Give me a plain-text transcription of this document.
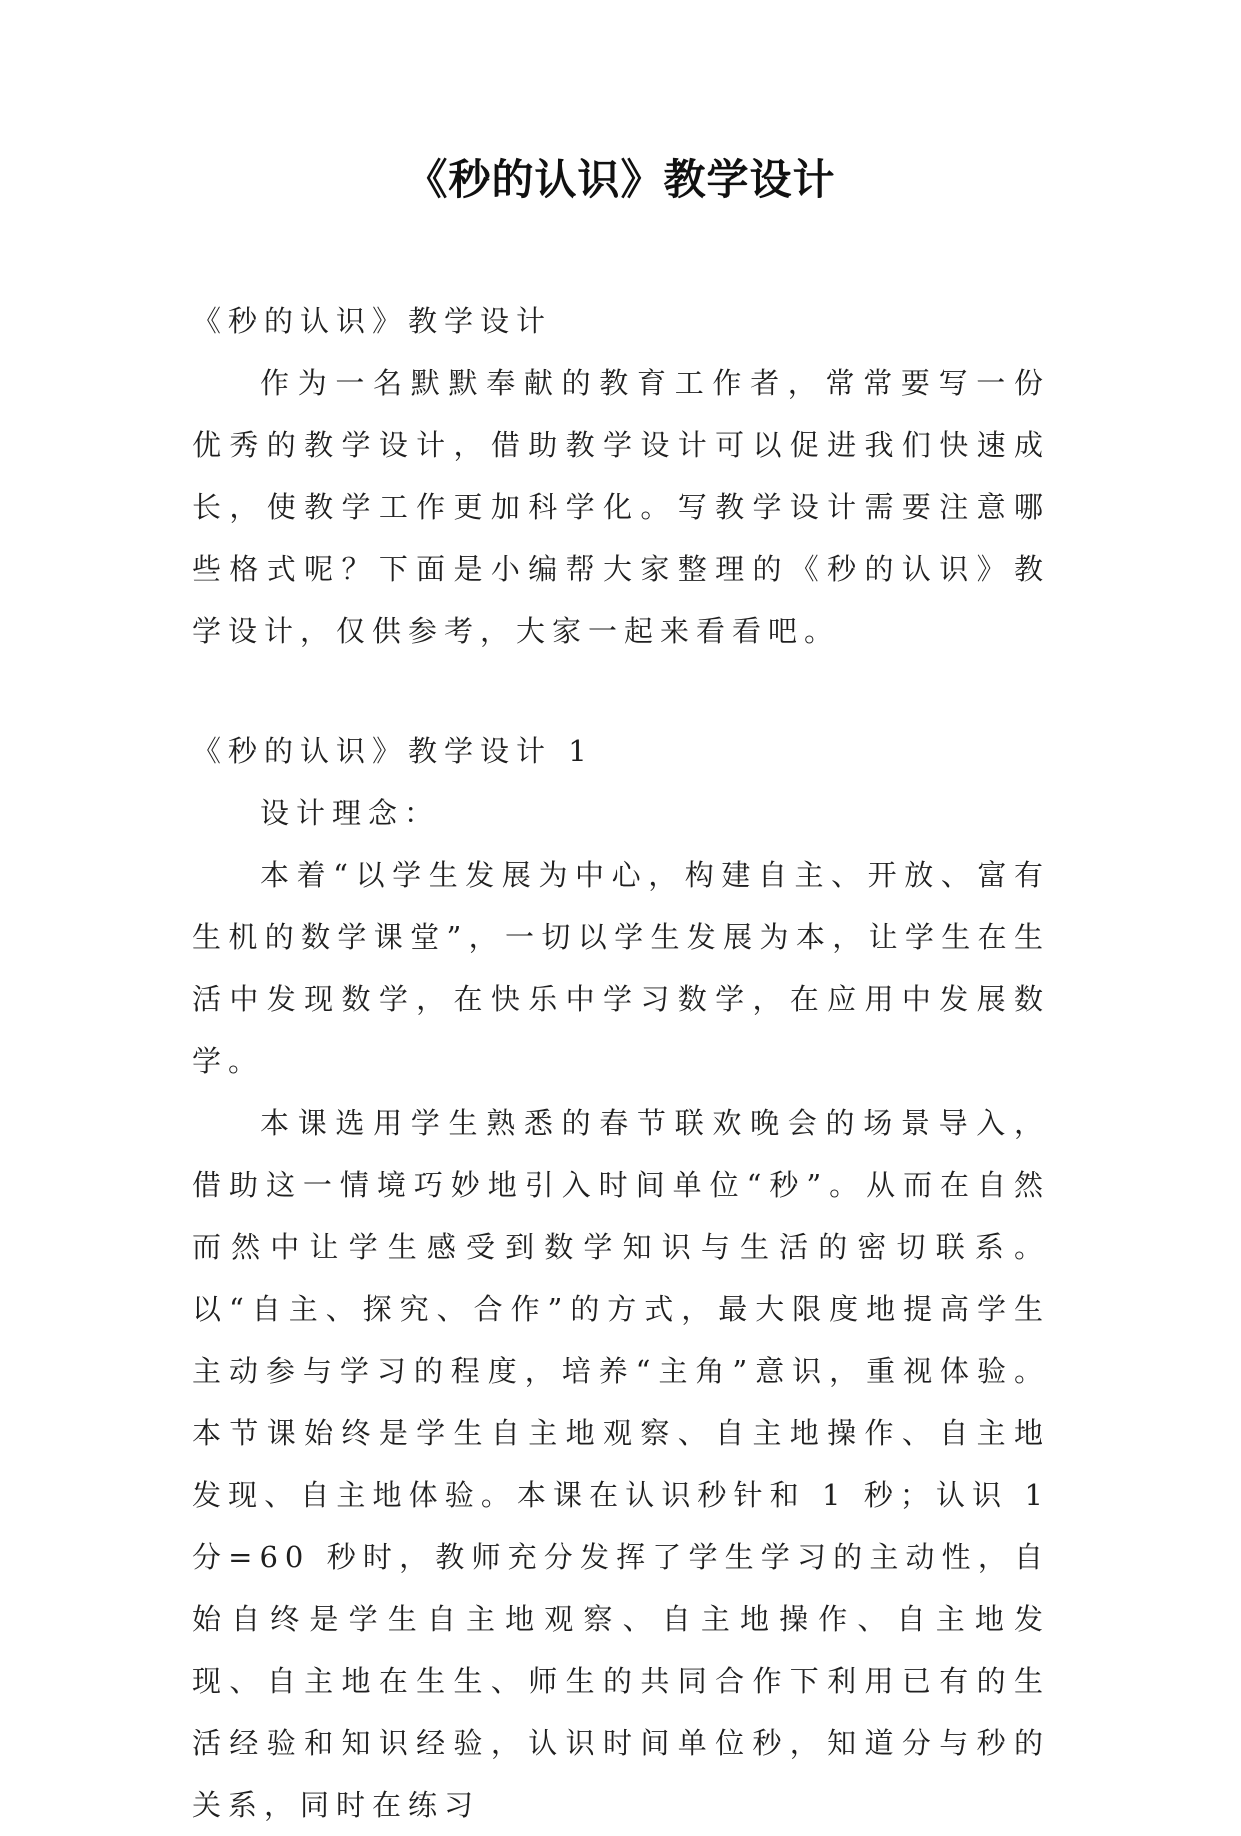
《秒的认识》教学设计

《秒的认识》教学设计

作为一名默默奉献的教育工作者，常常要写一份优秀的教学设计，借助教学设计可以促进我们快速成长，使教学工作更加科学化。写教学设计需要注意哪些格式呢？下面是小编帮大家整理的《秒的认识》教学设计，仅供参考，大家一起来看看吧。

《秒的认识》教学设计 1

设计理念：

本着“以学生发展为中心，构建自主、开放、富有生机的数学课堂”，一切以学生发展为本，让学生在生活中发现数学，在快乐中学习数学，在应用中发展数学。

本课选用学生熟悉的春节联欢晚会的场景导入，借助这一情境巧妙地引入时间单位“秒”。从而在自然而然中让学生感受到数学知识与生活的密切联系。以“自主、探究、合作”的方式，最大限度地提高学生主动参与学习的程度，培养“主角”意识，重视体验。本节课始终是学生自主地观察、自主地操作、自主地发现、自主地体验。本课在认识秒针和 1 秒；认识 1 分=60 秒时，教师充分发挥了学生学习的主动性，自始自终是学生自主地观察、自主地操作、自主地发现、自主地在生生、师生的共同合作下利用已有的生活经验和知识经验，认识时间单位秒，知道分与秒的关系，同时在练习
